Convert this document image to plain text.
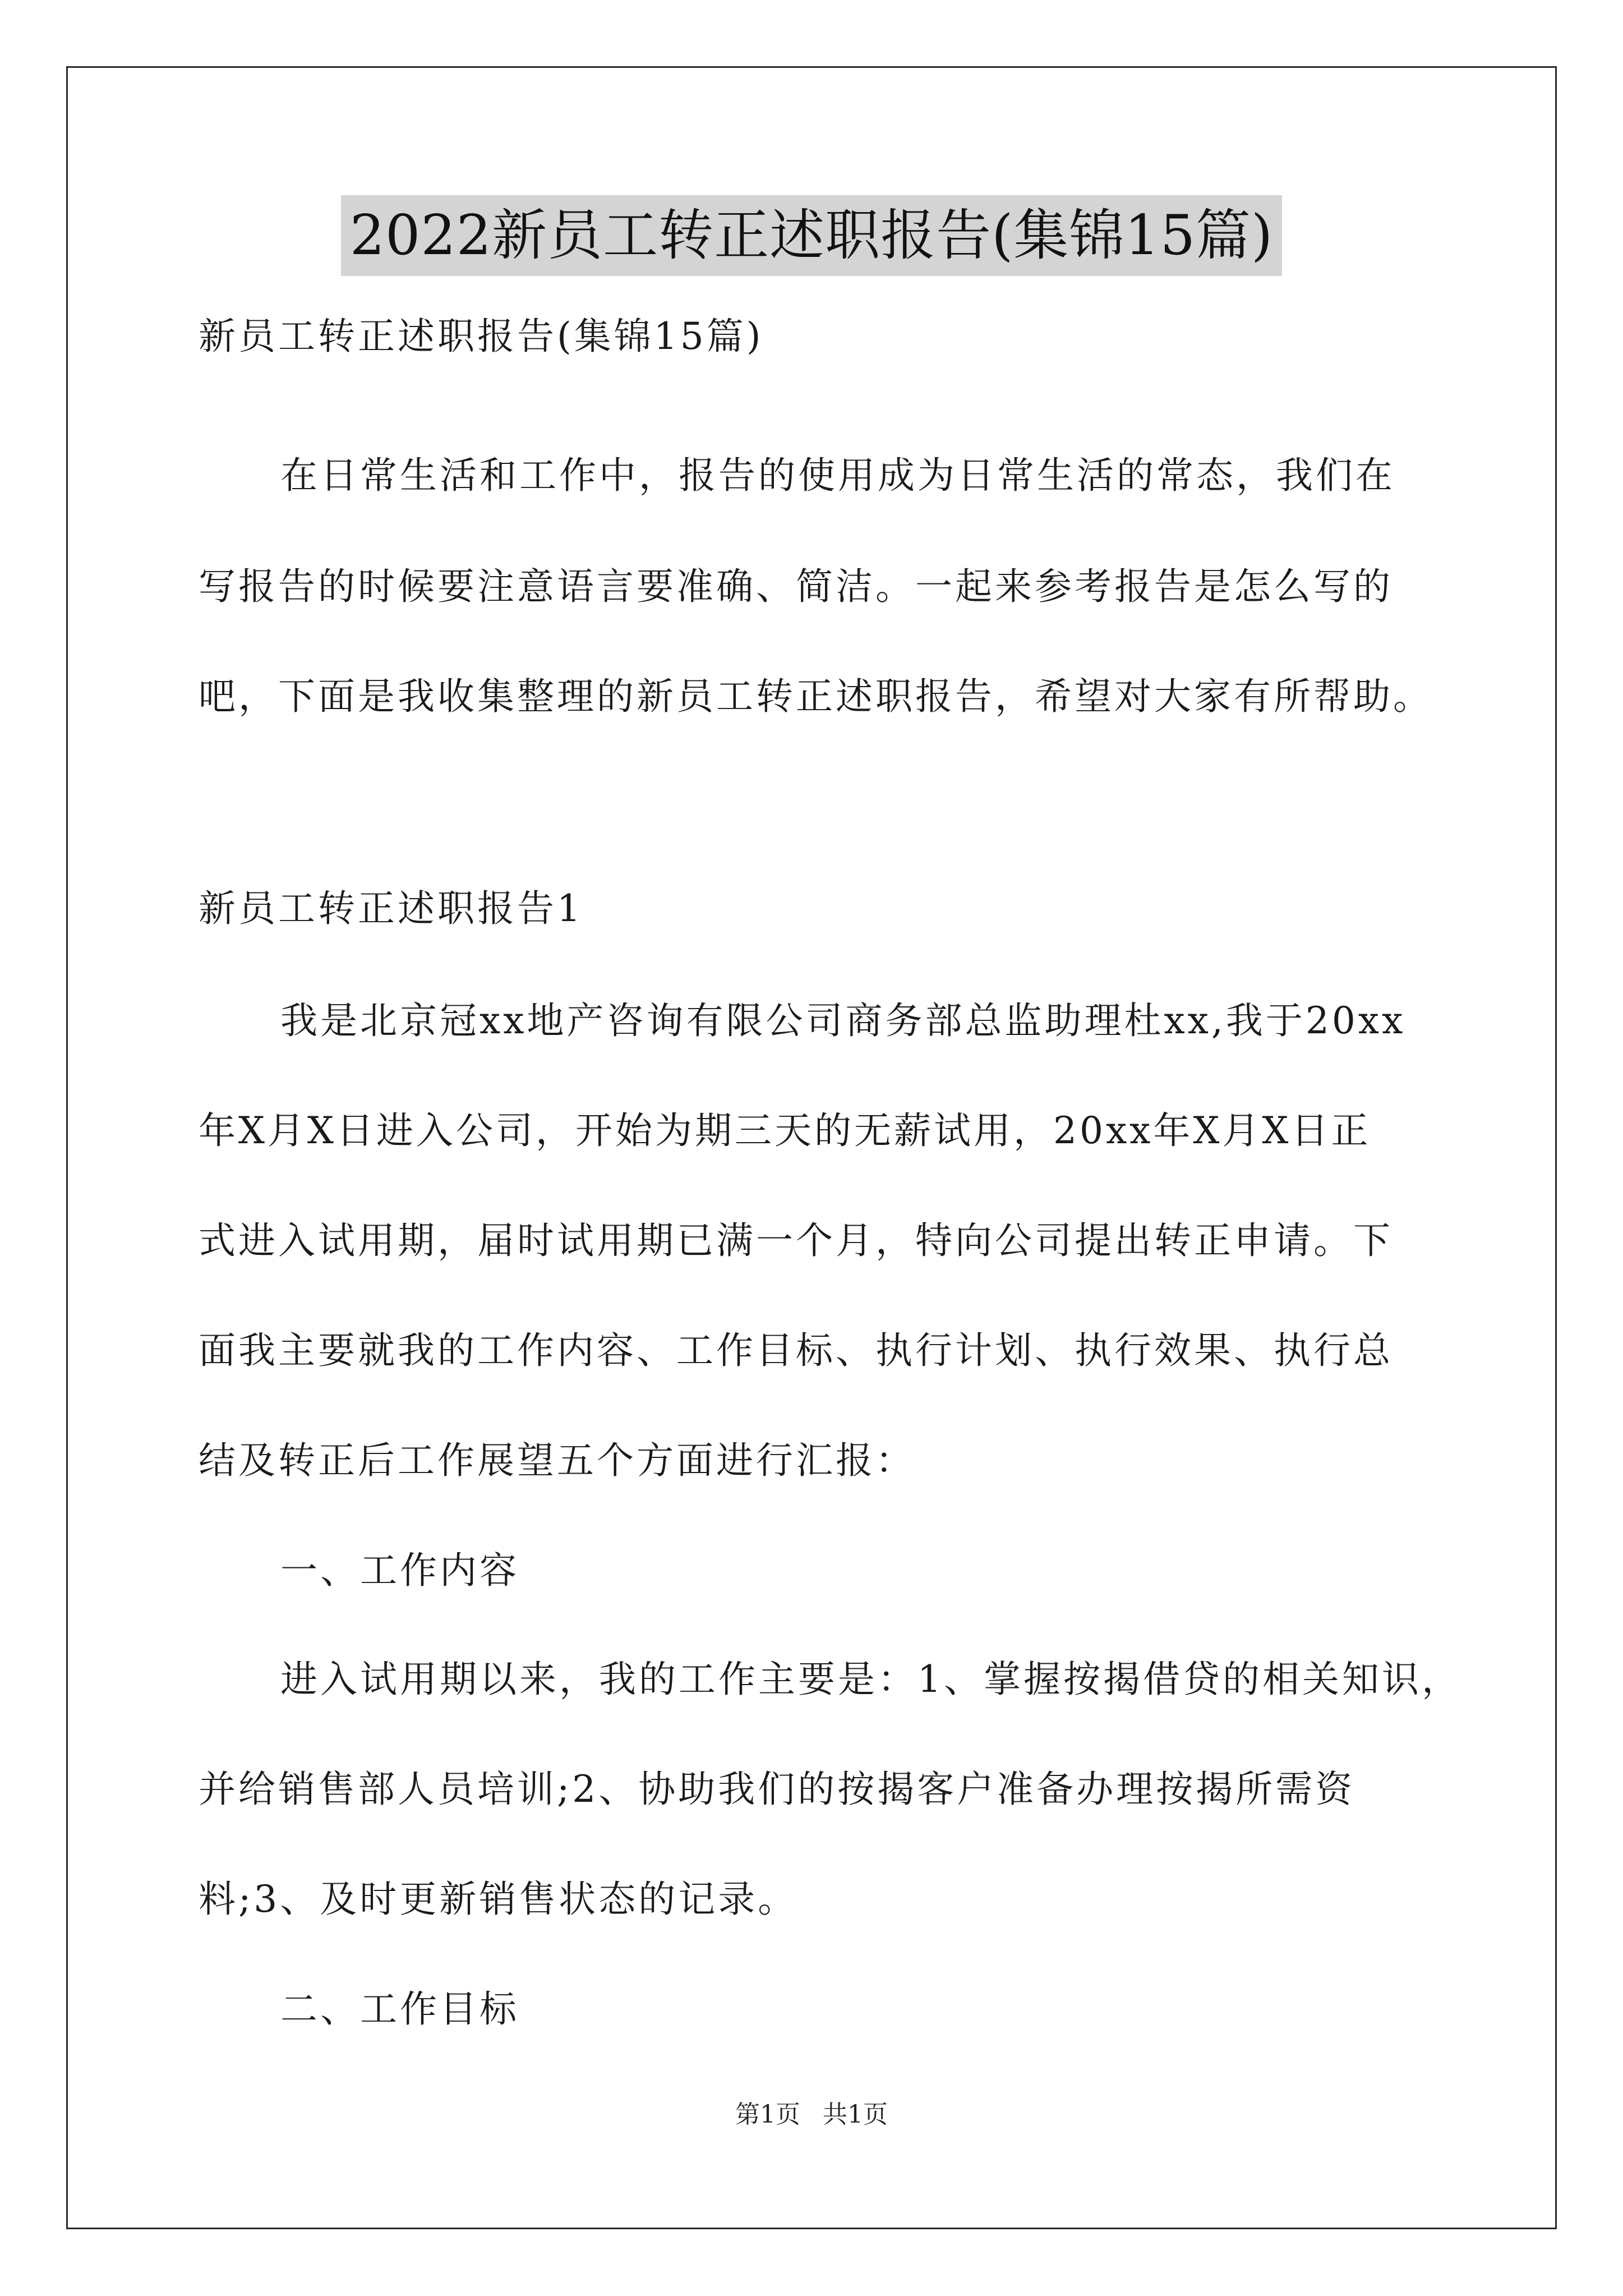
2022新员工转正述职报告(集锦15篇)
新员工转正述职报告(集锦15篇)
在日常生活和工作中，报告的使用成为日常生活的常态，我们在
写报告的时候要注意语言要准确、简洁。一起来参考报告是怎么写的
吧，下面是我收集整理的新员工转正述职报告，希望对大家有所帮助。
新员工转正述职报告1
我是北京冠xx地产咨询有限公司商务部总监助理杜xx,我于20xx
年X月X日进入公司，开始为期三天的无薪试用，20xx年X月X日正
式进入试用期，届时试用期已满一个月，特向公司提出转正申请。下
面我主要就我的工作内容、工作目标、执行计划、执行效果、执行总
结及转正后工作展望五个方面进行汇报：
一、工作内容
进入试用期以来，我的工作主要是：1、掌握按揭借贷的相关知识，
并给销售部人员培训;2、协助我们的按揭客户准备办理按揭所需资
料;3、及时更新销售状态的记录。
二、工作目标
第1页 共1页
